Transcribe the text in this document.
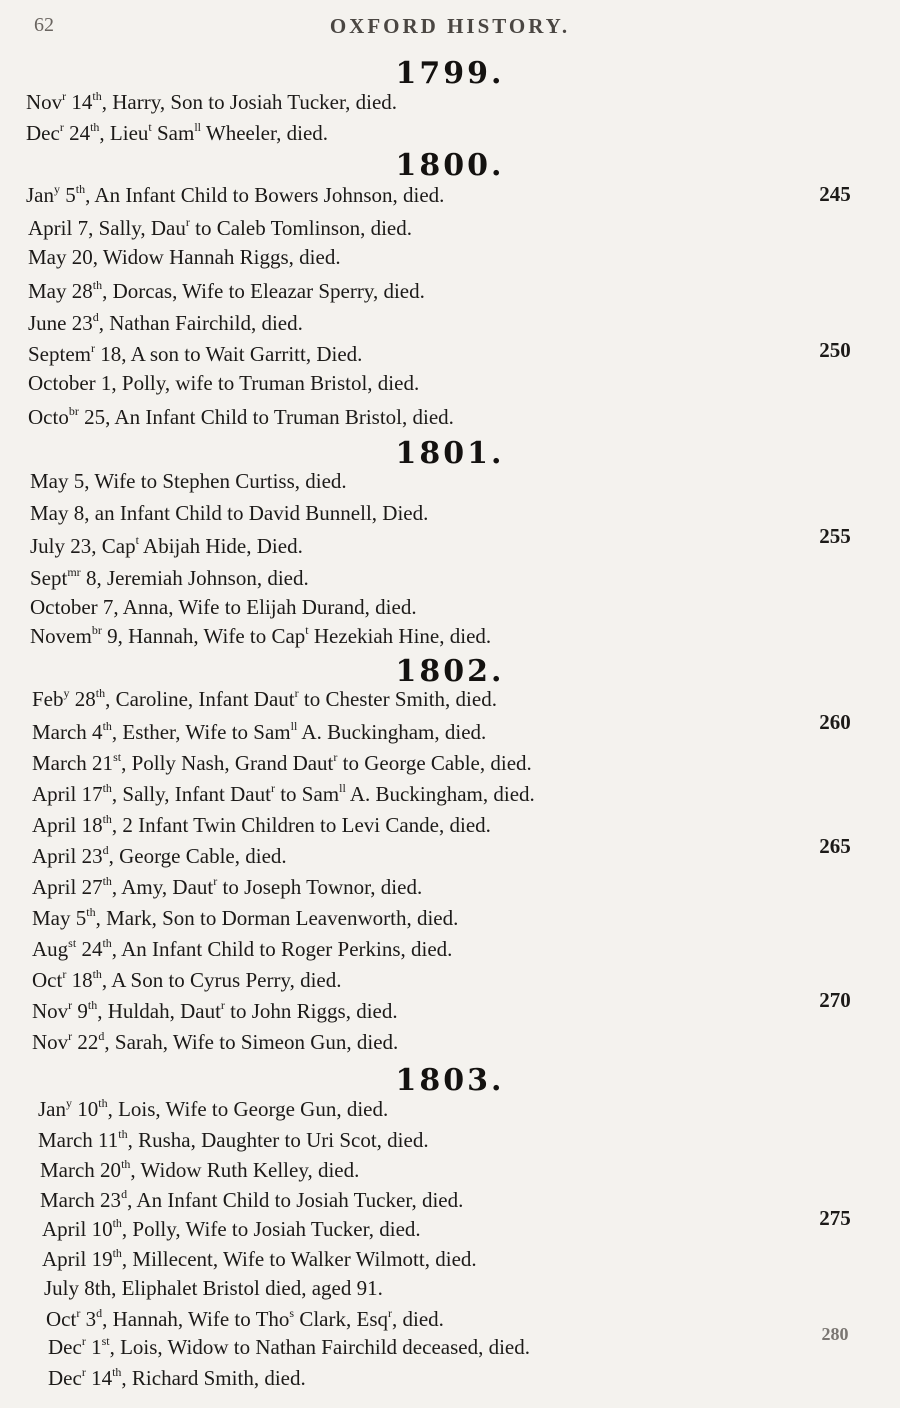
62	OXFORD HISTORY.
1799.
Nov$^r$ 14th, Harry, Son to Josiah Tucker, died.
Dec$^r$ 24th, Lieu$^t$ Sam$^{ll}$ Wheeler, died.
1800.
Jan$^y$ 5th, An Infant Child to Bowers Johnson, died.
April 7, Sally, Dau$^r$ to Caleb Tomlinson, died.
May 20, Widow Hannah Riggs, died.
May 28th, Dorcas, Wife to Eleazar Sperry, died.
June 23$^d$, Nathan Fairchild, died.
Septem$^r$ 18, A son to Wait Garritt, Died.
October 1, Polly, wife to Truman Bristol, died.
Octo$^{br}$ 25, An Infant Child to Truman Bristol, died.
1801.
May 5, Wife to Stephen Curtiss, died.
May 8, an Infant Child to David Bunnell, Died.
July 23, Cap$^t$ Abijah Hide, Died.
Sept$^{mr}$ 8, Jeremiah Johnson, died.
October 7, Anna, Wife to Elijah Durand, died.
Novem$^{br}$ 9, Hannah, Wife to Cap$^t$ Hezekiah Hine, died.
1802.
Feb$^y$ 28th, Caroline, Infant Daut$^r$ to Chester Smith, died.
March 4th, Esther, Wife to Sam$^{ll}$ A. Buckingham, died.
March 21st, Polly Nash, Grand Daut$^r$ to George Cable, died.
April 17th, Sally, Infant Daut$^r$ to Sam$^{ll}$ A. Buckingham, died.
April 18th, 2 Infant Twin Children to Levi Cande, died.
April 23$^d$, George Cable, died.
April 27th, Amy, Daut$^r$ to Joseph Townor, died.
May 5th, Mark, Son to Dorman Leavenworth, died.
Aug$^{st}$ 24th, An Infant Child to Roger Perkins, died.
Oct$^r$ 18th, A Son to Cyrus Perry, died.
Nov$^r$ 9th, Huldah, Daut$^r$ to John Riggs, died.
Nov$^r$ 22$^d$, Sarah, Wife to Simeon Gun, died.
1803.
Jan$^y$ 10th, Lois, Wife to George Gun, died.
March 11th, Rusha, Daughter to Uri Scot, died.
March 20th, Widow Ruth Kelley, died.
March 23$^d$, An Infant Child to Josiah Tucker, died.
April 10th, Polly, Wife to Josiah Tucker, died.
April 19th, Millecent, Wife to Walker Wilmott, died.
July 8th, Eliphalet Bristol died, aged 91.
Oct$^r$ 3$^d$, Hannah, Wife to Tho$^s$ Clark, Esq$^r$, died.
Dec$^r$ 1st, Lois, Widow to Nathan Fairchild deceased, died.
Dec$^r$ 14th, Richard Smith, died.
245
250
255
260
265
270
275
280
